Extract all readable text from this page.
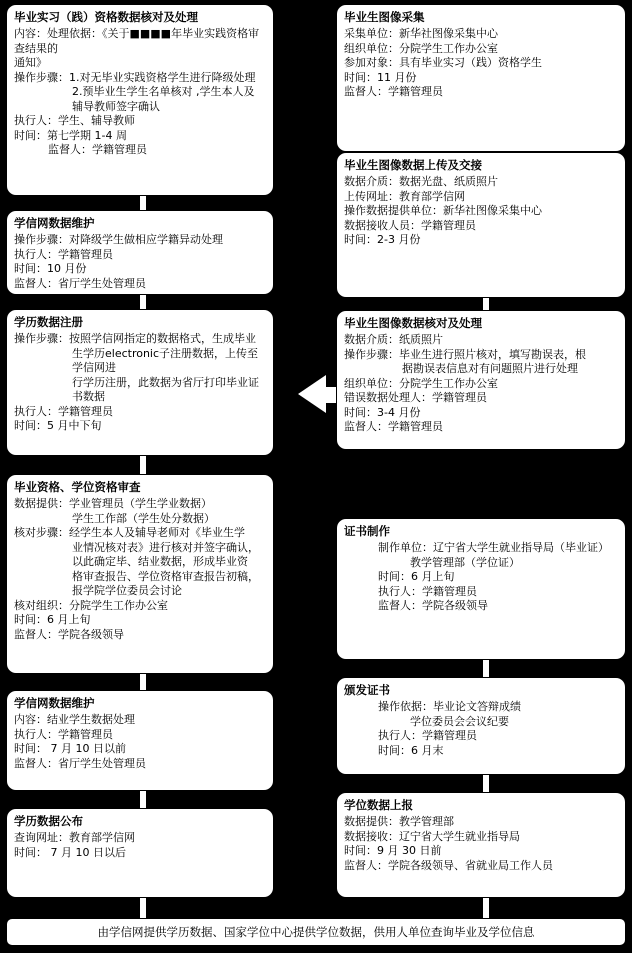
毕业实习（践）资格数据核对及处理
内容：处理依据：《关于■■■■年毕业实践资格审查结果的
通知》
操作步骤：1.对无毕业实践资格学生进行降级处理
2.预毕业生学生名单核对 ,学生本人及
辅导教师签字确认
执行人：学生、辅导教师
时间：第七学期 1-4 周
监督人：学籍管理员
学信网数据维护
操作步骤：对降级学生做相应学籍异动处理
执行人：学籍管理员
时间：10 月份
监督人：省厅学生处管理员
学历数据注册
操作步骤：按照学信网指定的数据格式，生成毕业
生学历electronic子注册数据，上传至学信网进
行学历注册，此数据为省厅打印毕业证
书数据
执行人：学籍管理员
时间：5 月中下旬
毕业资格、学位资格审查
数据提供：学业管理员（学生学业数据）
学生工作部（学生处分数据）
核对步骤：经学生本人及辅导老师对《毕业生学
业情况核对表》进行核对并签字确认，
以此确定毕、结业数据，形成毕业资
格审查报告、学位资格审查报告初稿，
报学院学位委员会讨论
核对组织：分院学生工作办公室
时间：6 月上旬
监督人：学院各级领导
学信网数据维护
内容：结业学生数据处理
执行人：学籍管理员
时间： 7 月 10 日以前
监督人：省厅学生处管理员
学历数据公布
查询网址：教育部学信网
时间： 7 月 10 日以后
毕业生图像采集
采集单位：新华社图像采集中心
组织单位：分院学生工作办公室
参加对象：具有毕业实习（践）资格学生
时间：11 月份
监督人：学籍管理员
毕业生图像数据上传及交接
数据介质：数据光盘、纸质照片
上传网址：教育部学信网
操作数据提供单位：新华社图像采集中心
数据接收人员：学籍管理员
时间：2-3 月份
毕业生图像数据核对及处理
数据介质：纸质照片
操作步骤：毕业生进行照片核对，填写勘误表，根
据勘误表信息对有问题照片进行处理
组织单位：分院学生工作办公室
错误数据处理人：学籍管理员
时间：3-4 月份
监督人：学籍管理员
证书制作
制作单位：辽宁省大学生就业指导局（毕业证）
教学管理部（学位证）
时间：6 月上旬
执行人：学籍管理员
监督人：学院各级领导
颁发证书
操作依据：毕业论文答辩成绩
学位委员会会议纪要
执行人：学籍管理员
时间：6 月末
学位数据上报
数据提供：教学管理部
数据接收：辽宁省大学生就业指导局
时间：9 月 30 日前
监督人：学院各级领导、省就业局工作人员
由学信网提供学历数据、国家学位中心提供学位数据，供用人单位查询毕业及学位信息
